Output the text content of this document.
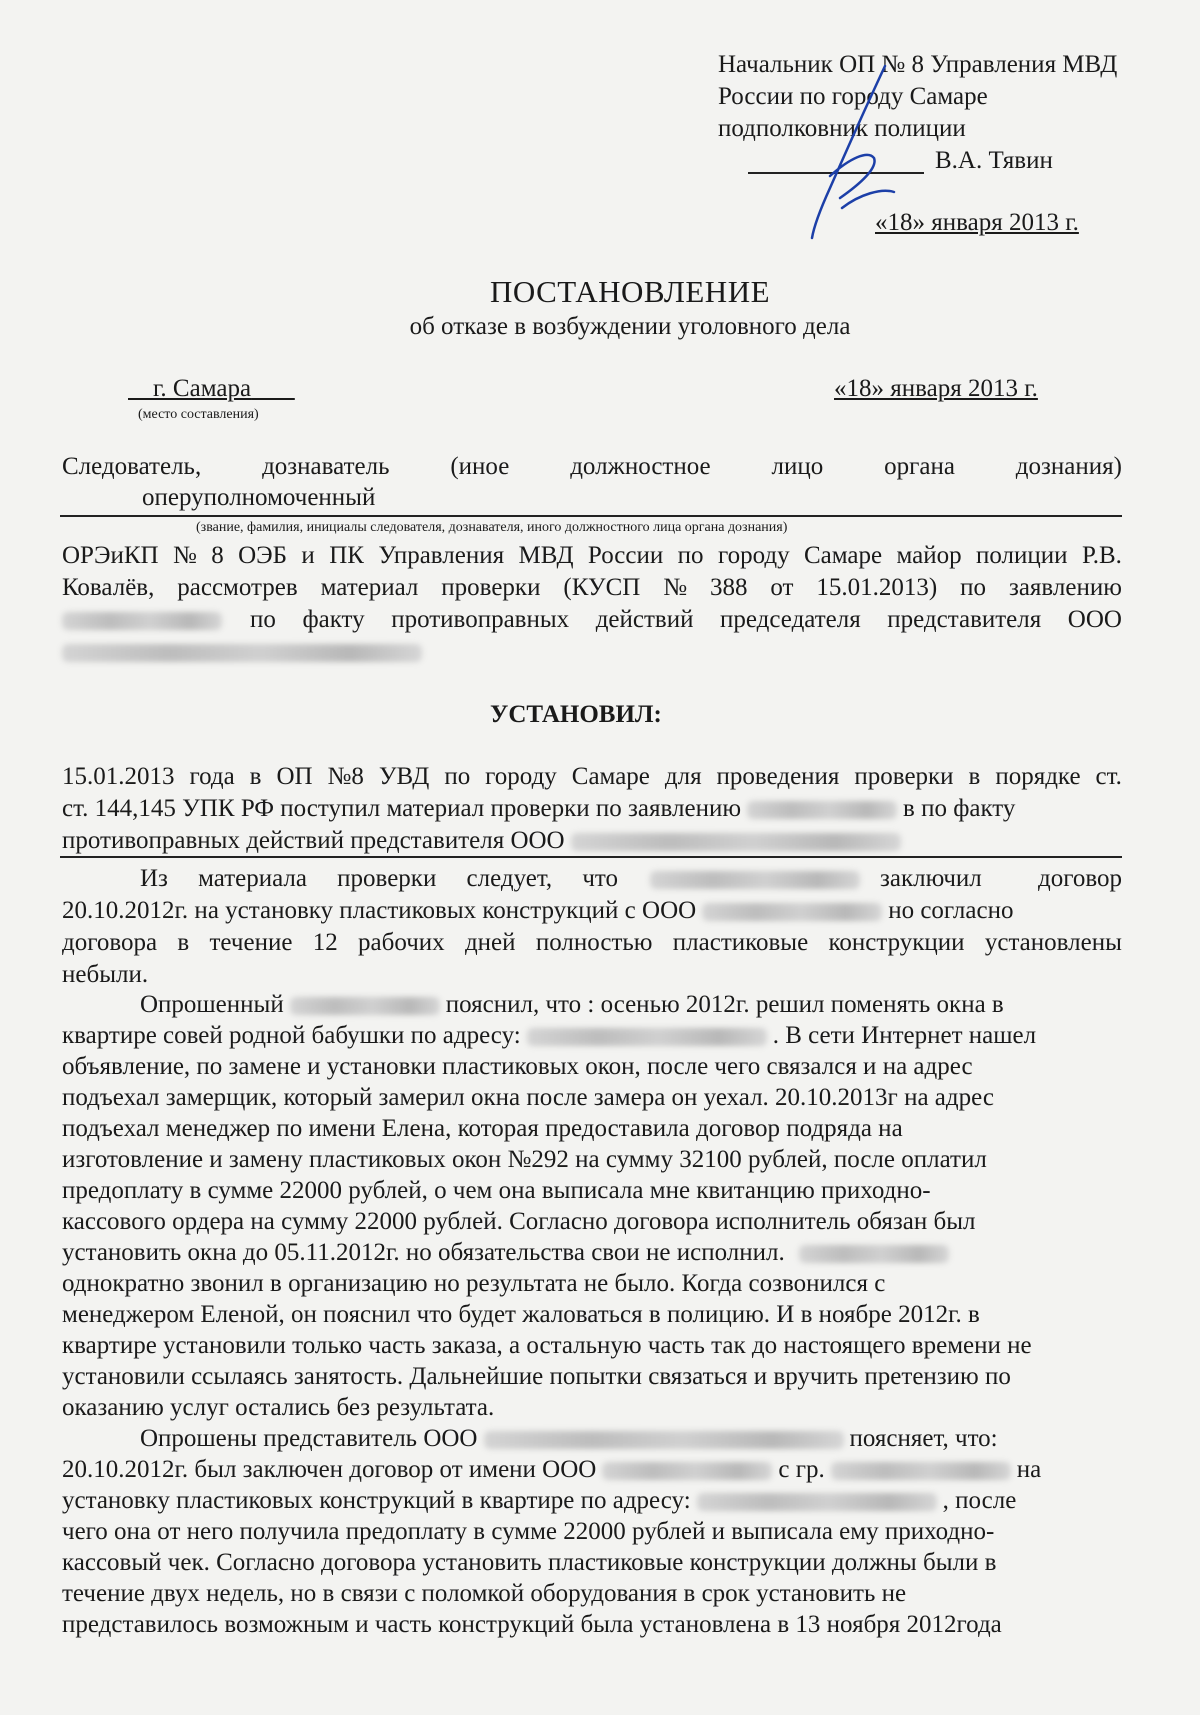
Начальник ОП № 8 Управления МВД
России по городу Самаре
подполковник полиции
В.А. Тявин
«18» января 2013 г.
ПОСТАНОВЛЕНИЕ
об отказе в возбуждении уголовного дела
г. Самара
(место составления)
«18» января 2013 г.
Следователь, дознаватель (иное должностное лицо органа дознания)
оперуполномоченный
(звание, фамилия, инициалы следователя, дознавателя, иного должностного лица органа дознания)
ОРЭиКП № 8 ОЭБ и ПК Управления МВД России по городу Самаре майор полиции Р.В.
Ковалёв, рассмотрев материал проверки (КУСП № 388 от 15.01.2013) по заявлению
по факту противоправных действий председателя представителя ООО
УСТАНОВИЛ:
15.01.2013 года в ОП №8 УВД по городу Самаре для проведения проверки в порядке ст.
ст. 144,145 УПК РФ поступил материал проверки по заявлению	в по факту
противоправных действий представителя ООО
Из материала проверки следует, что	заключил договор
20.10.2012г. на установку пластиковых конструкций с ООО	но согласно
договора в течение 12 рабочих дней полностью пластиковые конструкции установлены
небыли.
Опрошенный	пояснил, что : осенью 2012г. решил поменять окна в
квартире совей родной бабушки по адресу:	. В сети Интернет нашел
объявление, по замене и установки пластиковых окон, после чего связался и на адрес
подъехал замерщик, который замерил окна после замера он уехал. 20.10.2013г на адрес
подъехал менеджер по имени Елена, которая предоставила договор подряда на
изготовление и замену пластиковых окон №292 на сумму 32100 рублей, после оплатил
предоплату в сумме 22000 рублей, о чем она выписала мне квитанцию приходно-
кассового ордера на сумму 22000 рублей. Согласно договора исполнитель обязан был
установить окна до 05.11.2012г. но обязательства свои не исполнил.
однократно звонил в организацию но результата не было. Когда созвонился с
менеджером Еленой, он пояснил что будет жаловаться в полицию. И в ноябре 2012г. в
квартире установили только часть заказа, а остальную часть так до настоящего времени не
установили ссылаясь занятость. Дальнейшие попытки связаться и вручить претензию по
оказанию услуг остались без результата.
Опрошены представитель ООО	поясняет, что:
20.10.2012г. был заключен договор от имени ООО	с гр.	на
установку пластиковых конструкций в квартире по адресу:	, после
чего она от него получила предоплату в сумме 22000 рублей и выписала ему приходно-
кассовый чек. Согласно договора установить пластиковые конструкции должны были в
течение двух недель, но в связи с поломкой оборудования в срок установить не
представилось возможным и часть конструкций была установлена в 13 ноября 2012года
